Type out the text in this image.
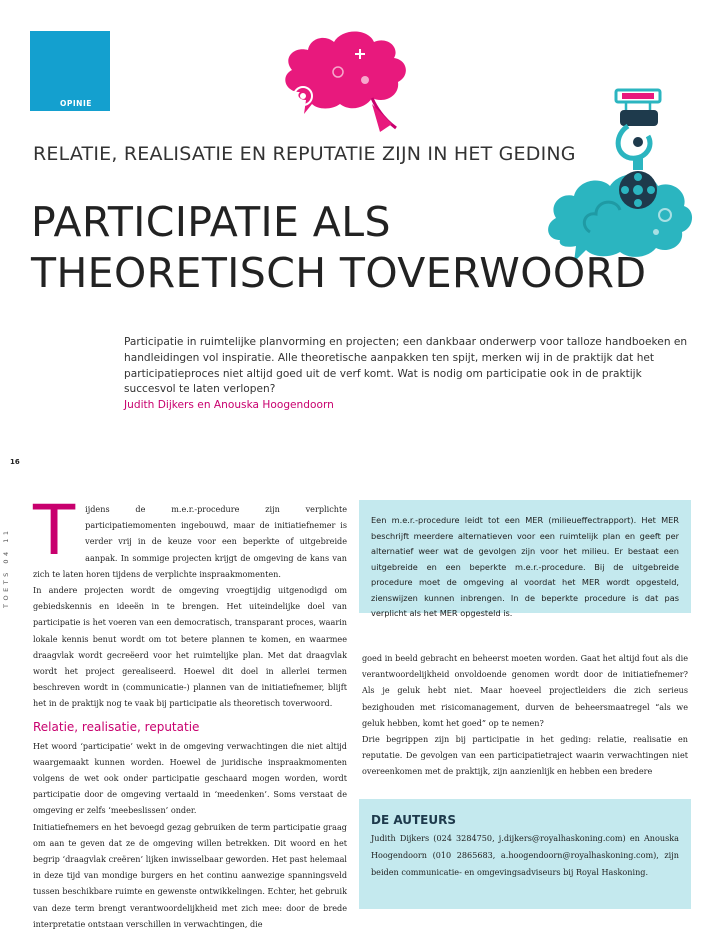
OPINIE
RELATIE, REALISATIE EN REPUTATIE ZIJN IN HET GEDING
PARTICIPATIE ALS
THEORETISCH TOVERWOORD
Participatie in ruimtelijke planvorming en projecten; een dankbaar onderwerp voor talloze handboeken en handleidingen vol inspiratie. Alle theoretische aanpakken ten spijt, merken wij in de praktijk dat het participatieproces niet altijd goed uit de verf komt. Wat is nodig om participatie ook in de praktijk succesvol te laten verlopen?
Judith Dijkers en Anouska Hoogendoorn
16
TOETS 04 11 T	ijdens de m.e.r.-procedure zijn verplichte participatiemomenten ingebouwd, maar de initiatiefnemer is verder vrij in de keuze voor een beperkte of uitgebreide aanpak. In sommige projecten krijgt de omgeving de kans van zich te laten horen tijdens de verplichte inspraakmomenten.

In andere projecten wordt de omgeving vroegtijdig uitgenodigd om gebiedskennis en ideeën in te brengen. Het uiteindelijke doel van participatie is het voeren van een democratisch, transparant proces, waarin lokale kennis benut wordt om tot betere plannen te komen, en waarmee draagvlak wordt gecreëerd voor het ruimtelijke plan. Met dat draagvlak wordt het project gerealiseerd. Hoewel dit doel in allerlei termen beschreven wordt in (communicatie-) plannen van de initiatiefnemer, blijft het in de praktijk nog te vaak bij participatie als theoretisch toverwoord.

Relatie, realisatie, reputatie

Het woord ‘participatie’ wekt in de omgeving verwachtingen die niet altijd waargemaakt kunnen worden. Hoewel de juridische inspraakmomenten volgens de wet ook onder participatie geschaard mogen worden, wordt participatie door de omgeving vertaald in ‘meedenken’. Soms verstaat de omgeving er zelfs ‘meebeslissen’ onder.

Initiatiefnemers en het bevoegd gezag gebruiken de term participatie graag om aan te geven dat ze de omgeving willen betrekken. Dit woord en het begrip ‘draagvlak creëren’ lijken inwisselbaar geworden. Het past helemaal in deze tijd van mondige burgers en het continu aanwezige spanningsveld tussen beschikbare ruimte en gewenste ontwikkelingen. Echter, het gebruik van deze term brengt verantwoordelijkheid met zich mee: door de brede interpretatie ontstaan verschillen in verwachtingen, die

Een m.e.r.-procedure leidt tot een MER (milieueffectrapport). Het MER beschrijft meerdere alternatieven voor een ruimtelijk plan en geeft per alternatief weer wat de gevolgen zijn voor het milieu. Er bestaat een uitgebreide en een beperkte m.e.r.-procedure. Bij de uitgebreide procedure moet de omgeving al voordat het MER wordt opgesteld, zienswijzen kunnen inbrengen. In de beperkte procedure is dat pas verplicht als het MER opgesteld is.

goed in beeld gebracht en beheerst moeten worden. Gaat het altijd fout als die verantwoordelijkheid onvoldoende genomen wordt door de initiatiefnemer? Als je geluk hebt niet. Maar hoeveel projectleiders die zich serieus bezighouden met risicomanagement, durven de beheersmaatregel “als we geluk hebben, komt het goed” op te nemen?

Drie begrippen zijn bij participatie in het geding: relatie, realisatie en reputatie. De gevolgen van een participatietraject waarin verwachtingen niet overeenkomen met de praktijk, zijn aanzienlijk en hebben een bredere

DE AUTEURS
Judith Dijkers (024 3284750, j.dijkers@royalhaskoning.com) en Anouska Hoogendoorn (010 2865683, a.hoogendoorn@royalhaskoning.com), zijn beiden communicatie- en omgevingsadviseurs bij Royal Haskoning.
